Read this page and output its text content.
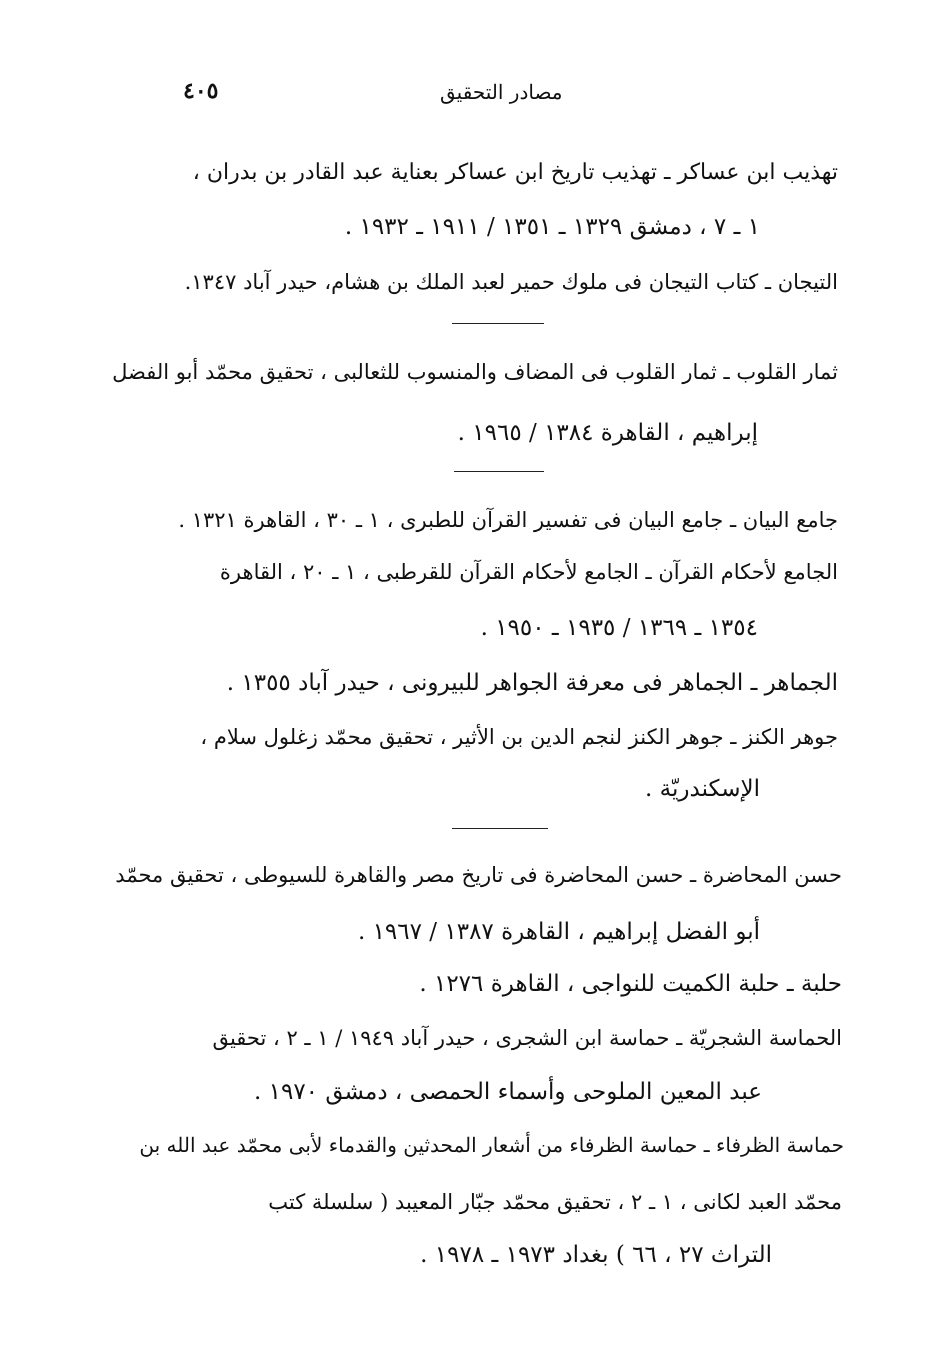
٤٠٥	مصادر التحقيق

تهذيب ابن عساكر ـ تهذيب تاريخ ابن عساكر بعناية عبد القادر بن بدران ،

١ ـ ٧ ، دمشق ١٣٢٩ ـ ١٣٥١ / ١٩١١ ـ ١٩٣٢ .

التيجان ـ كتاب التيجان فى ملوك حمير لعبد الملك بن هشام، حيدر آباد ١٣٤٧.

ثمار القلوب ـ ثمار القلوب فى المضاف والمنسوب للثعالبى ، تحقيق محمّد أبو الفضل

إبراهيم ، القاهرة ١٣٨٤ / ١٩٦٥ .

جامع البيان ـ جامع البيان فى تفسير القرآن للطبرى ، ١ ـ ٣٠ ، القاهرة ١٣٢١ .

الجامع لأحكام القرآن ـ الجامع لأحكام القرآن للقرطبى ، ١ ـ ٢٠ ، القاهرة

١٣٥٤ ـ ١٣٦٩ / ١٩٣٥ ـ ١٩٥٠ .

الجماهر ـ الجماهر فى معرفة الجواهر للبيرونى ، حيدر آباد ١٣٥٥ .

جوهر الكنز ـ جوهر الكنز لنجم الدين بن الأثير ، تحقيق محمّد زغلول سلام ،

الإسكندريّة .

حسن المحاضرة ـ حسن المحاضرة فى تاريخ مصر والقاهرة للسيوطى ، تحقيق محمّد

أبو الفضل إبراهيم ، القاهرة ١٣٨٧ / ١٩٦٧ .

حلبة ـ حلبة الكميت للنواجى ، القاهرة ١٢٧٦ .

الحماسة الشجريّة ـ حماسة ابن الشجرى ، حيدر آباد ١٩٤٩ / ١ ـ ٢ ، تحقيق

عبد المعين الملوحى وأسماء الحمصى ، دمشق ١٩٧٠ .

حماسة الظرفاء ـ حماسة الظرفاء من أشعار المحدثين والقدماء لأبى محمّد عبد الله بن

محمّد العبد لكانى ، ١ ـ ٢ ، تحقيق محمّد جبّار المعيبد ( سلسلة كتب

التراث ٢٧ ، ٦٦ ) بغداد ١٩٧٣ ـ ١٩٧٨ .
